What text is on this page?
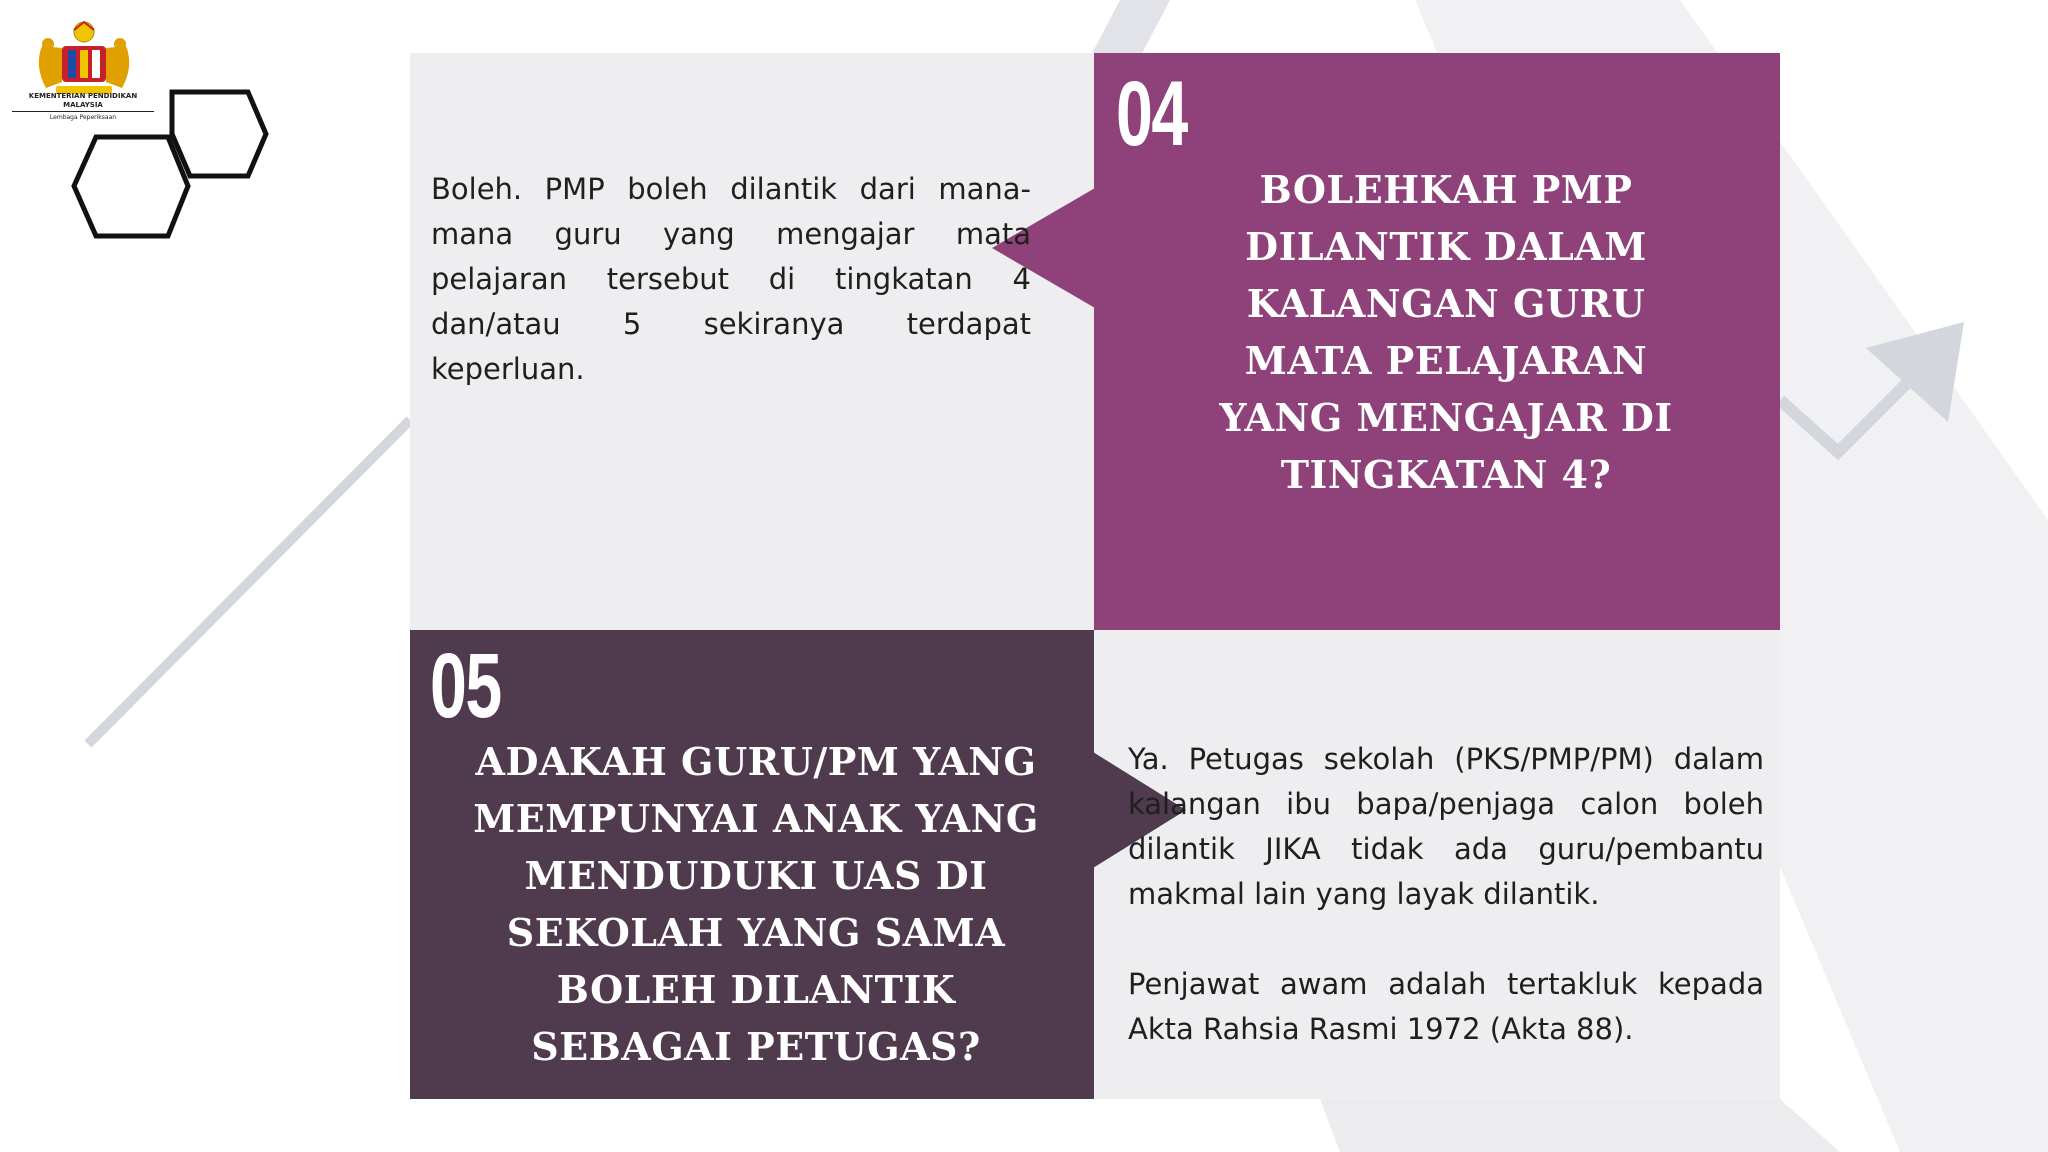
KEMENTERIAN PENDIDIKAN MALAYSIA
Lembaga Peperiksaan	04
05
BOLEHKAH PMP DILANTIK DALAM KALANGAN GURU MATA PELAJARAN YANG MENGAJAR DI TINGKATAN 4?
ADAKAH GURU/PM YANG MEMPUNYAI ANAK YANG MENDUDUKI UAS DI SEKOLAH YANG SAMA BOLEH DILANTIK SEBAGAI PETUGAS?
Boleh. PMP boleh dilantik dari mana-mana guru yang mengajar mata pelajaran tersebut di tingkatan 4 dan/atau 5 sekiranya terdapat keperluan.

Ya. Petugas sekolah (PKS/PMP/PM) dalam kalangan ibu bapa/penjaga calon boleh dilantik JIKA tidak ada guru/pembantu makmal lain yang layak dilantik.

Penjawat awam adalah tertakluk kepada Akta Rahsia Rasmi 1972 (Akta 88).
